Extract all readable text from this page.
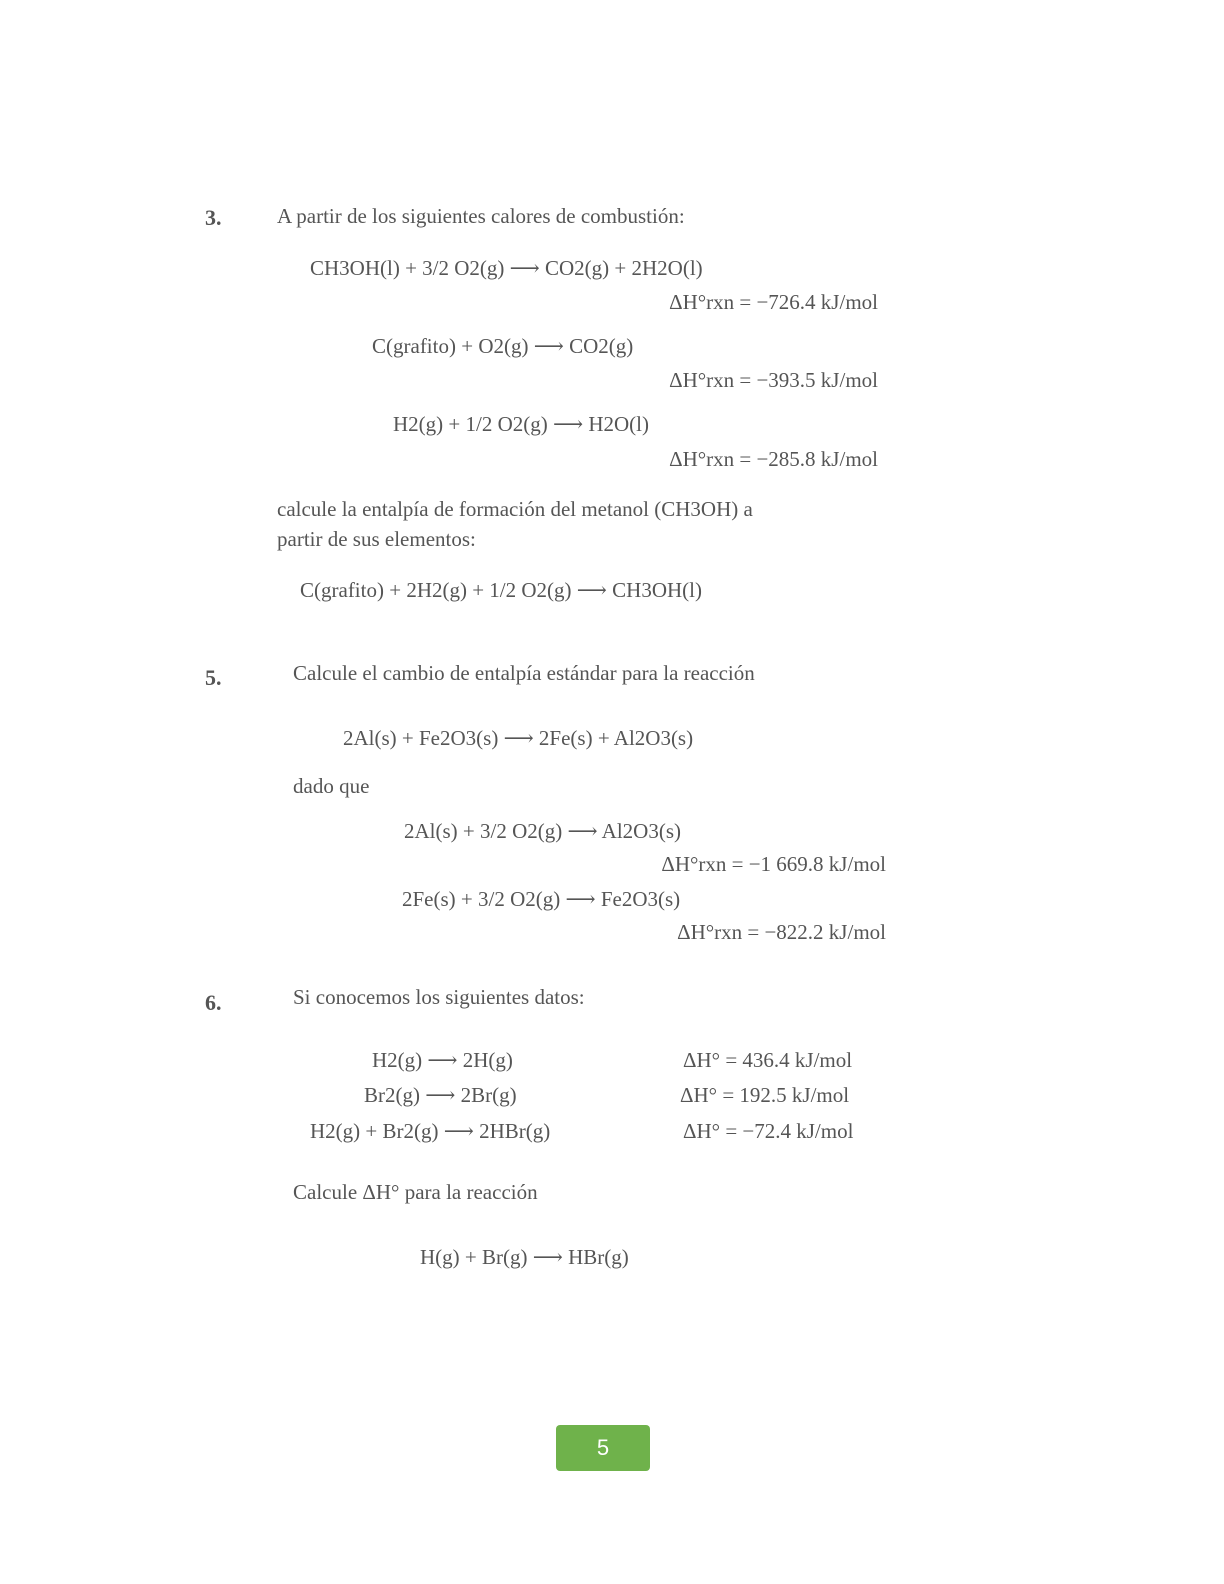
3.	A partir de los siguientes calores de combustión:
CH3OH(l) + 3/2 O2(g) ⟶ CO2(g) + 2H2O(l)
ΔH°rxn = −726.4 kJ/mol
C(grafito) + O2(g) ⟶ CO2(g)
ΔH°rxn = −393.5 kJ/mol
H2(g) + 1/2 O2(g) ⟶ H2O(l)
ΔH°rxn = −285.8 kJ/mol
calcule la entalpía de formación del metanol (CH3OH) a
partir de sus elementos:
C(grafito) + 2H2(g) + 1/2 O2(g) ⟶ CH3OH(l)
5.	Calcule el cambio de entalpía estándar para la reacción
2Al(s) + Fe2O3(s) ⟶ 2Fe(s) + Al2O3(s)
dado que
2Al(s) + 3/2 O2(g) ⟶ Al2O3(s)
ΔH°rxn = −1 669.8 kJ/mol
2Fe(s) + 3/2 O2(g) ⟶ Fe2O3(s)
ΔH°rxn = −822.2 kJ/mol
6.	Si conocemos los siguientes datos:
H2(g) ⟶ 2H(g)	ΔH° = 436.4 kJ/mol
Br2(g) ⟶ 2Br(g)	ΔH° = 192.5 kJ/mol
H2(g) + Br2(g) ⟶ 2HBr(g)	ΔH° = −72.4 kJ/mol
Calcule ΔH° para la reacción
H(g) + Br(g) ⟶ HBr(g)
5
